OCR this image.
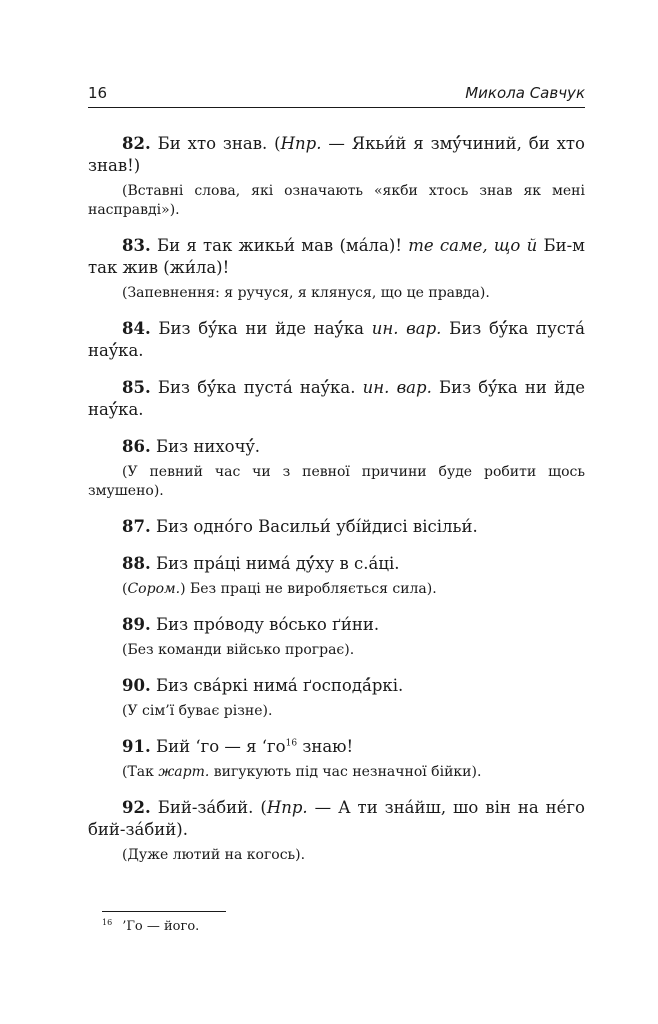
16	Микола Савчук

82. Би хто знав. (Нпр. — Якьи́й я змý́чиний, би хто знав!)

(Вставні слова, які означають «якби хтось знав як мені насправді»).

83. Би я так жикьи́ мав (ма́ла)! те саме, що й Би-м так жив (жи́ла)!

(Запевнення: я ручуся, я клянуся, що це правда).

84. Биз бý́ка ни йде наý́ка ин. вар. Биз бý́ка пуста́ наý́ка.

85. Биз бý́ка пуста́ наý́ка. ин. вар. Биз бý́ка ни йде наý́ка.

86. Биз нихочý́.

(У певний час чи з певної причини буде робити щось змушено).

87. Биз одно́го Васильи́ убі́йдисі вісільи́.

88. Биз пра́ці нима́ дý́ху в с.а́ці.

(Сором.) Без праці не виробляється сила).

89. Биз про́воду во́сько ґи́ни.

(Без команди військо програє).

90. Биз сва́ркі нима́ ґосподá́ркі.

(У сім’ї буває різне).

91. Бий ‘го — я ‘$го^{16}$ знаю!

(Так жарт. вигукують під час незначної бійки).

92. Бий-за́бий. (Нпр. — А ти зна́йш, шо він на не́го бий-за́бий).

(Дуже лютий на когось).

$^{16}$ ’Го — його.
